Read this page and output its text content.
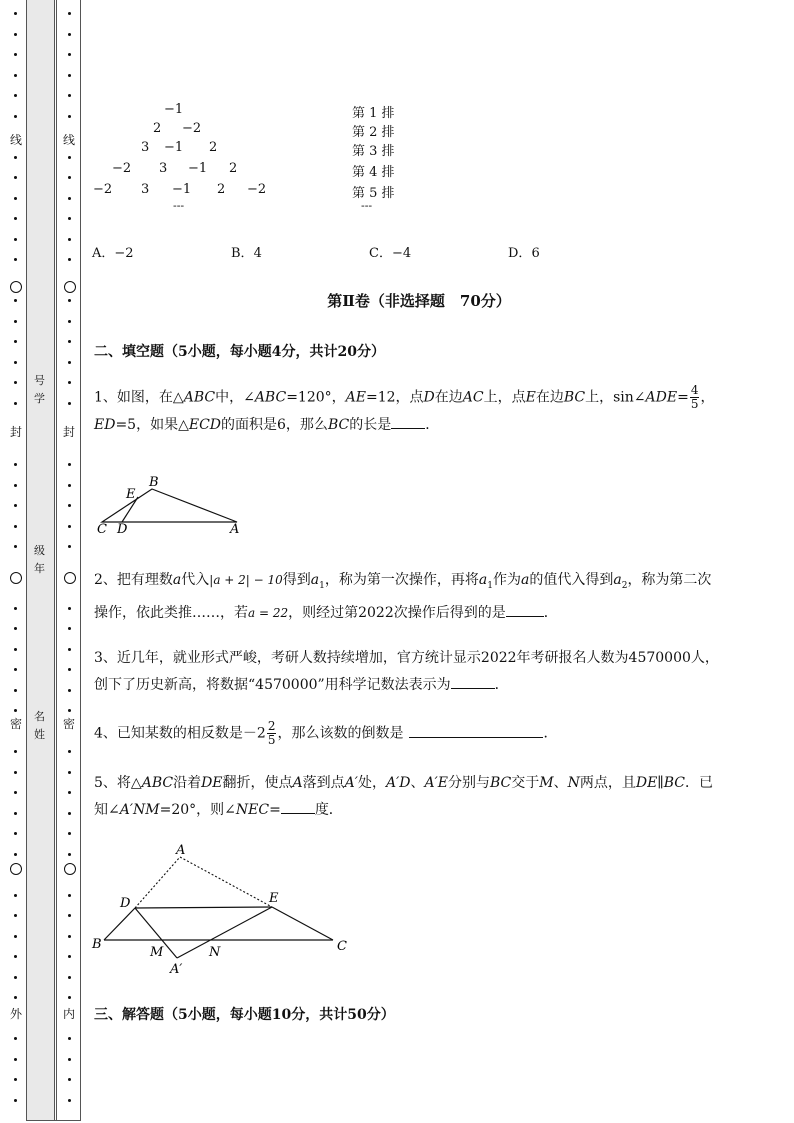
线
封
密
外
线
封
密
内
号
学
级
年
名
姓
−1
2 −2
3 −1 2
−2 3 −1 2
−2 3 −1 2 −2
---
第 1 排
第 2 排
第 3 排
第 4 排
第 5 排
---
A．−2	B．4	C．−4	D．6
第Ⅱ卷（非选择题　70分）
二、填空题（5小题，每小题4分，共计20分）
1、如图，在△ABC中，∠ABC=120°，AE=12，点D在边AC上，点E在边BC上，sin∠ADE= $\frac{4}{5}$ ，
ED=5，如果△ECD的面积是6，那么BC的长是 ．
B
E
C D	A
2、把有理数a代入|a + 2| − 10得到$a_1$，称为第一次操作，再将$a_1$作为a的值代入得到$a_2$，称为第二次
操作，依此类推……，若a = 22，则经过第2022次操作后得到的是	．
3、近几年，就业形式严峻，考研人数持续增加，官方统计显示2022年考研报名人数为4570000人，
创下了历史新高，将数据“4570000”用科学记数法表示为	．
4、已知某数的相反数是$-2 \frac{2}{5}$ ，那么该数的倒数是	．
5、将△ABC沿着DE翻折，使点A落到点A′处，A′D、A′E分别与BC交于M、N两点，且DE∥BC．已
知∠A′NM=20°，则∠NEC= 度．
A
D	E
B
M	N	C
A′
三、解答题（5小题，每小题10分，共计50分）
